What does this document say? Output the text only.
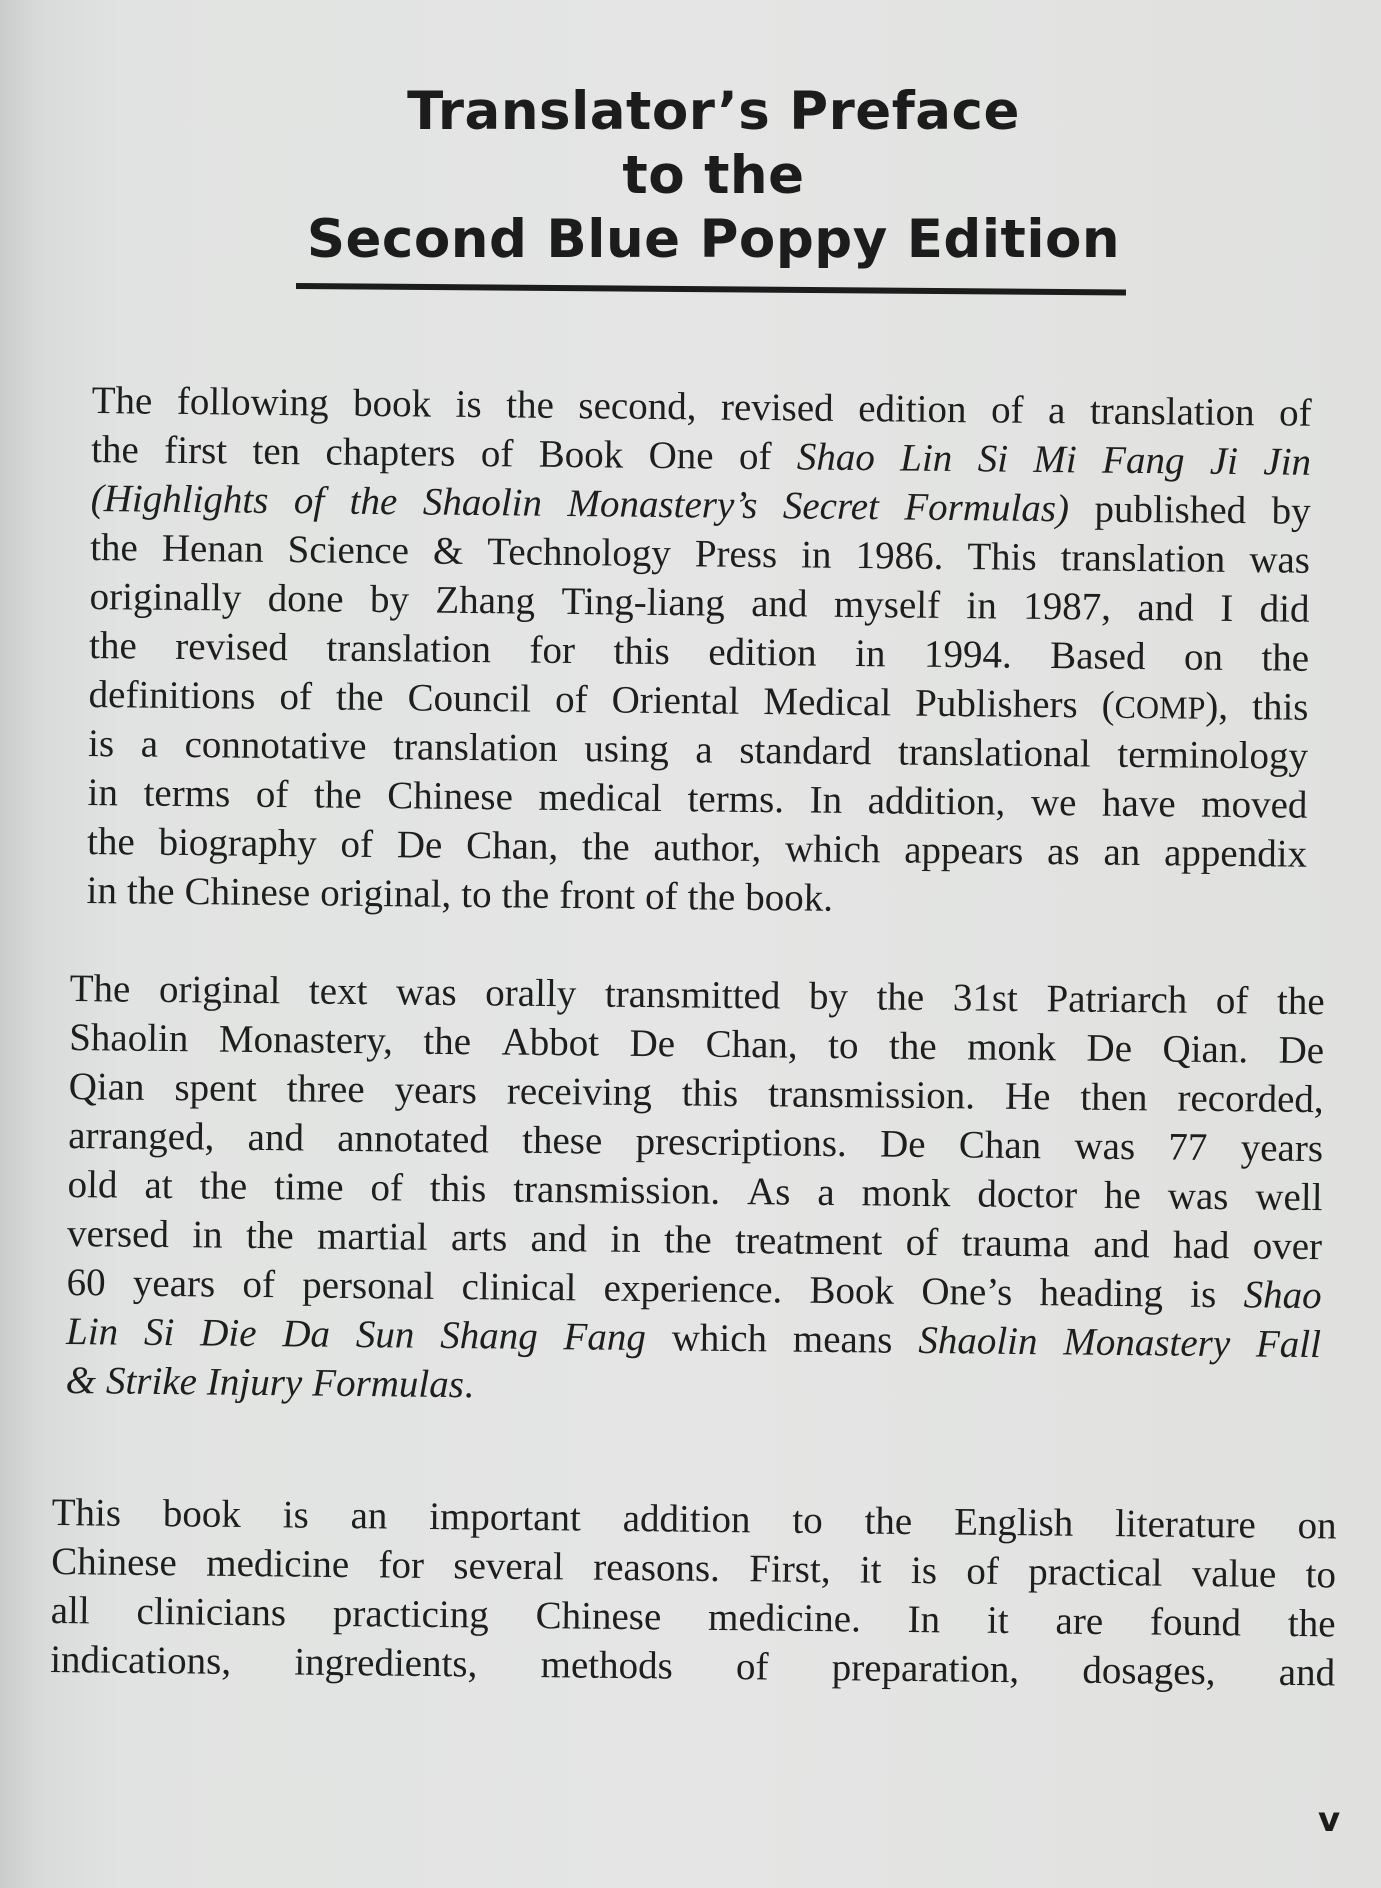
Translator’s Preface
to the
Second Blue Poppy Edition
The following book is the second, revised edition of a translation of
the first ten chapters of Book One of Shao Lin Si Mi Fang Ji Jin
(Highlights of the Shaolin Monastery’s Secret Formulas) published by
the Henan Science & Technology Press in 1986. This translation was
originally done by Zhang Ting-liang and myself in 1987, and I did
the revised translation for this edition in 1994. Based on the
definitions of the Council of Oriental Medical Publishers (COMP), this
is a connotative translation using a standard translational terminology
in terms of the Chinese medical terms. In addition, we have moved
the biography of De Chan, the author, which appears as an appendix
in the Chinese original, to the front of the book.
The original text was orally transmitted by the 31st Patriarch of the
Shaolin Monastery, the Abbot De Chan, to the monk De Qian. De
Qian spent three years receiving this transmission. He then recorded,
arranged, and annotated these prescriptions. De Chan was 77 years
old at the time of this transmission. As a monk doctor he was well
versed in the martial arts and in the treatment of trauma and had over
60 years of personal clinical experience. Book One’s heading is Shao
Lin Si Die Da Sun Shang Fang which means Shaolin Monastery Fall
& Strike Injury Formulas.
This book is an important addition to the English literature on
Chinese medicine for several reasons. First, it is of practical value to
all clinicians practicing Chinese medicine. In it are found the
indications, ingredients, methods of preparation, dosages, and
v
